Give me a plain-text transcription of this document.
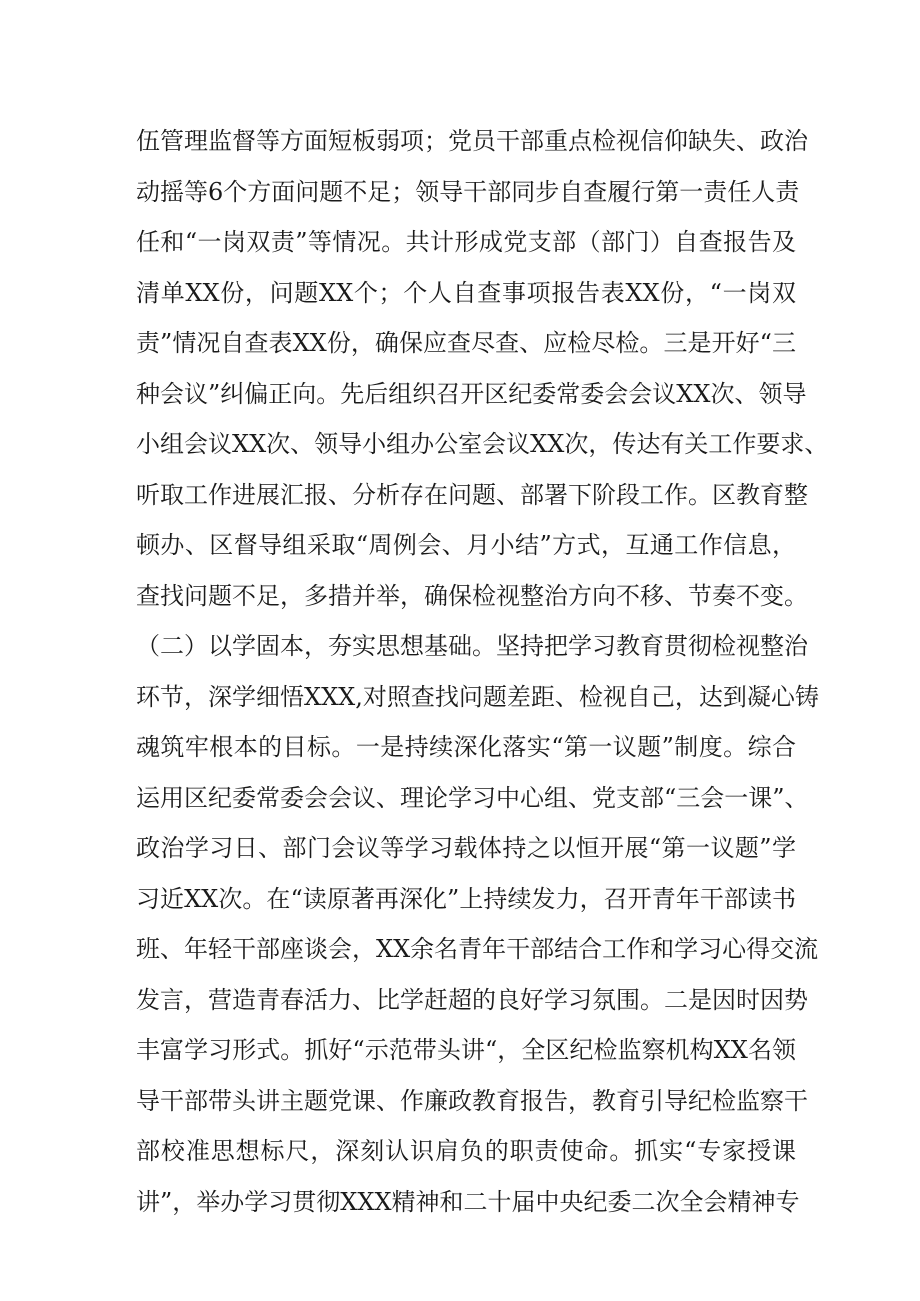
伍管理监督等方面短板弱项；党员干部重点检视信仰缺失、政治
动摇等6个方面问题不足；领导干部同步自查履行第一责任人责
任和“一岗双责”等情况。共计形成党支部（部门）自查报告及
清单XX份，问题XX个；个人自查事项报告表XX份，“一岗双
责”情况自查表XX份，确保应查尽查、应检尽检。三是开好“三
种会议”纠偏正向。先后组织召开区纪委常委会会议XX次、领导
小组会议XX次、领导小组办公室会议XX次，传达有关工作要求、
听取工作进展汇报、分析存在问题、部署下阶段工作。区教育整
顿办、区督导组采取“周例会、月小结”方式，互通工作信息，
查找问题不足，多措并举，确保检视整治方向不移、节奏不变。
（二）以学固本，夯实思想基础。坚持把学习教育贯彻检视整治
环节，深学细悟XXX,对照查找问题差距、检视自己，达到凝心铸
魂筑牢根本的目标。一是持续深化落实“第一议题”制度。综合
运用区纪委常委会会议、理论学习中心组、党支部“三会一课”、
政治学习日、部门会议等学习载体持之以恒开展“第一议题”学
习近XX次。在“读原著再深化”上持续发力，召开青年干部读书
班、年轻干部座谈会，XX余名青年干部结合工作和学习心得交流
发言，营造青春活力、比学赶超的良好学习氛围。二是因时因势
丰富学习形式。抓好“示范带头讲“，全区纪检监察机构XX名领
导干部带头讲主题党课、作廉政教育报告，教育引导纪检监察干
部校准思想标尺，深刻认识肩负的职责使命。抓实“专家授课
讲”，举办学习贯彻XXX精神和二十届中央纪委二次全会精神专
